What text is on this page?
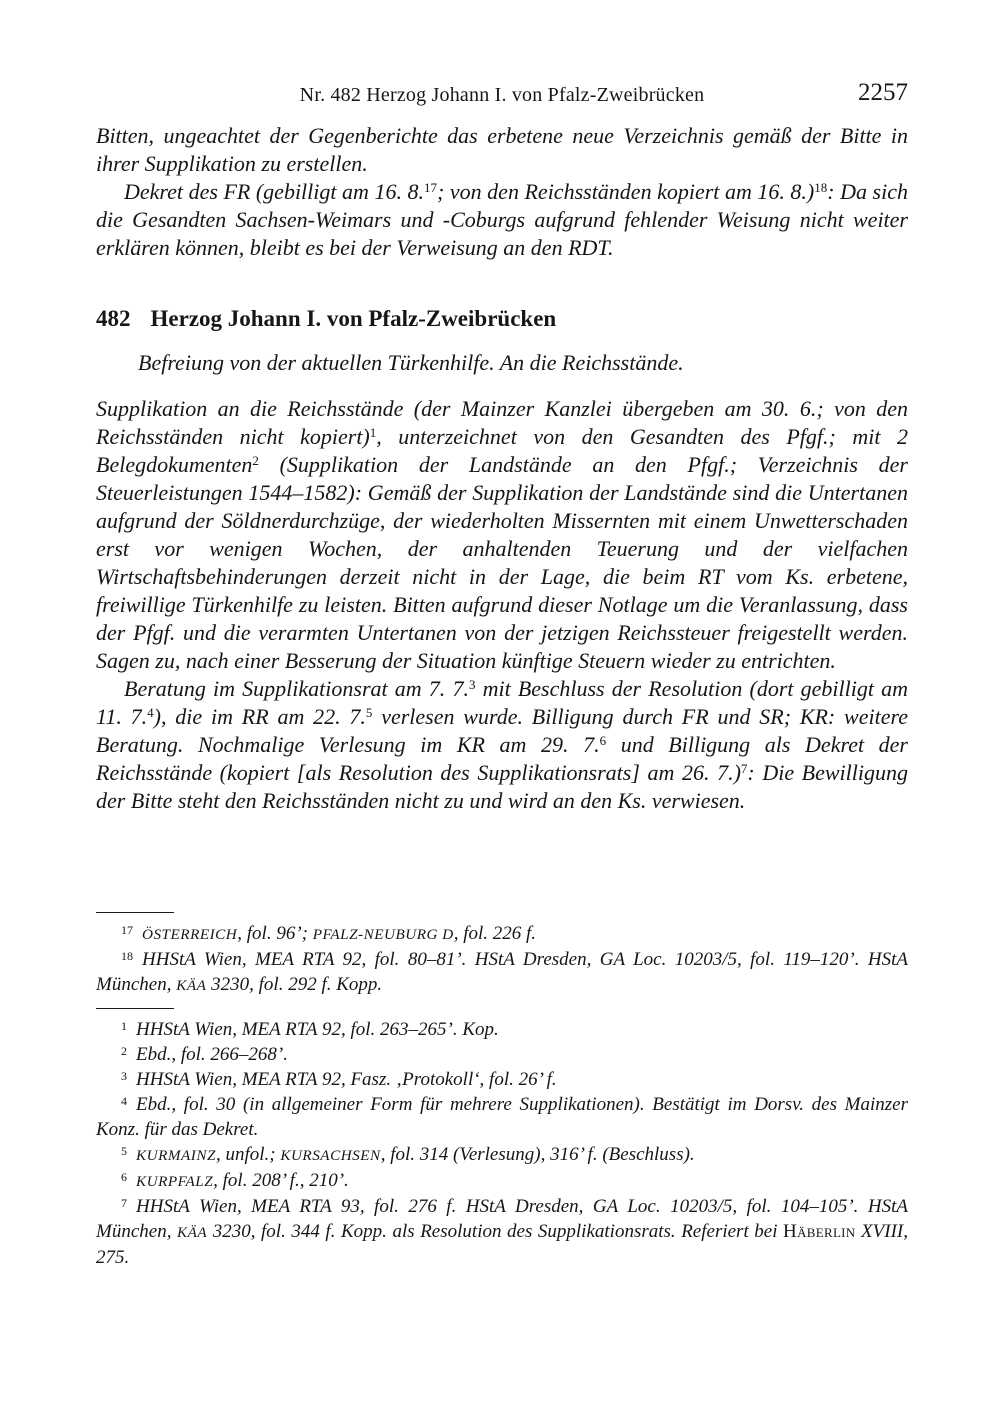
Nr. 482 Herzog Johann I. von Pfalz-Zweibrücken	2257

Bitten, ungeachtet der Gegenberichte das erbetene neue Verzeichnis gemäß der Bitte in ihrer Supplikation zu erstellen.

Dekret des FR (gebilligt am 16. 8.17; von den Reichsständen kopiert am 16. 8.)$^{18}$: Da sich die Gesandten Sachsen-Weimars und -Coburgs aufgrund fehlender Weisung nicht weiter erklären können, bleibt es bei der Verweisung an den RDT.

482 Herzog Johann I. von Pfalz-Zweibrücken

Befreiung von der aktuellen Türkenhilfe. An die Reichsstände.

Supplikation an die Reichsstände (der Mainzer Kanzlei übergeben am 30. 6.; von den Reichsständen nicht kopiert)$^1$, unterzeichnet von den Gesandten des Pfgf.; mit 2 Belegdokumenten$^2$ (Supplikation der Landstände an den Pfgf.; Verzeichnis der Steuerleistungen 1544–1582): Gemäß der Supplikation der Landstände sind die Untertanen aufgrund der Söldnerdurchzüge, der wiederholten Missernten mit einem Unwetterschaden erst vor wenigen Wochen, der anhaltenden Teuerung und der vielfachen Wirtschaftsbehinderungen derzeit nicht in der Lage, die beim RT vom Ks. erbetene, freiwillige Türkenhilfe zu leisten. Bitten aufgrund dieser Notlage um die Veranlassung, dass der Pfgf. und die verarmten Untertanen von der jetzigen Reichssteuer freigestellt werden. Sagen zu, nach einer Besserung der Situation künftige Steuern wieder zu entrichten.

Beratung im Supplikationsrat am 7. 7.$^3$ mit Beschluss der Resolution (dort gebilligt am 11. 7.$^4$), die im RR am 22. 7.$^5$ verlesen wurde. Billigung durch FR und SR; KR: weitere Beratung. Nochmalige Verlesung im KR am 29. 7.$^6$ und Billigung als Dekret der Reichsstände (kopiert [als Resolution des Supplikationsrats] am 26. 7.)$^7$: Die Bewilligung der Bitte steht den Reichsständen nicht zu und wird an den Ks. verwiesen.

$^{17}$ ÖSTERREICH, fol. 96’; PFALZ-NEUBURG D, fol. 226 f.

$^{18}$ HHStA Wien, MEA RTA 92, fol. 80–81’. HStA Dresden, GA Loc. 10203/5, fol. 119–120’. HStA München, KÄA 3230, fol. 292 f. Kopp.

$^1$ HHStA Wien, MEA RTA 92, fol. 263–265’. Kop.

$^2$ Ebd., fol. 266–268’.

$^3$ HHStA Wien, MEA RTA 92, Fasz. ‚Protokoll‘, fol. 26’ f.

$^4$ Ebd., fol. 30 (in allgemeiner Form für mehrere Supplikationen). Bestätigt im Dorsv. des Mainzer Konz. für das Dekret.

$^5$ KURMAINZ, unfol.; KURSACHSEN, fol. 314 (Verlesung), 316’ f. (Beschluss).

$^6$ KURPFALZ, fol. 208’ f., 210’.

$^7$ HHStA Wien, MEA RTA 93, fol. 276 f. HStA Dresden, GA Loc. 10203/5, fol. 104–105’. HStA München, KÄA 3230, fol. 344 f. Kopp. als Resolution des Supplikationsrats. Referiert bei Häberlin XVIII, 275.
